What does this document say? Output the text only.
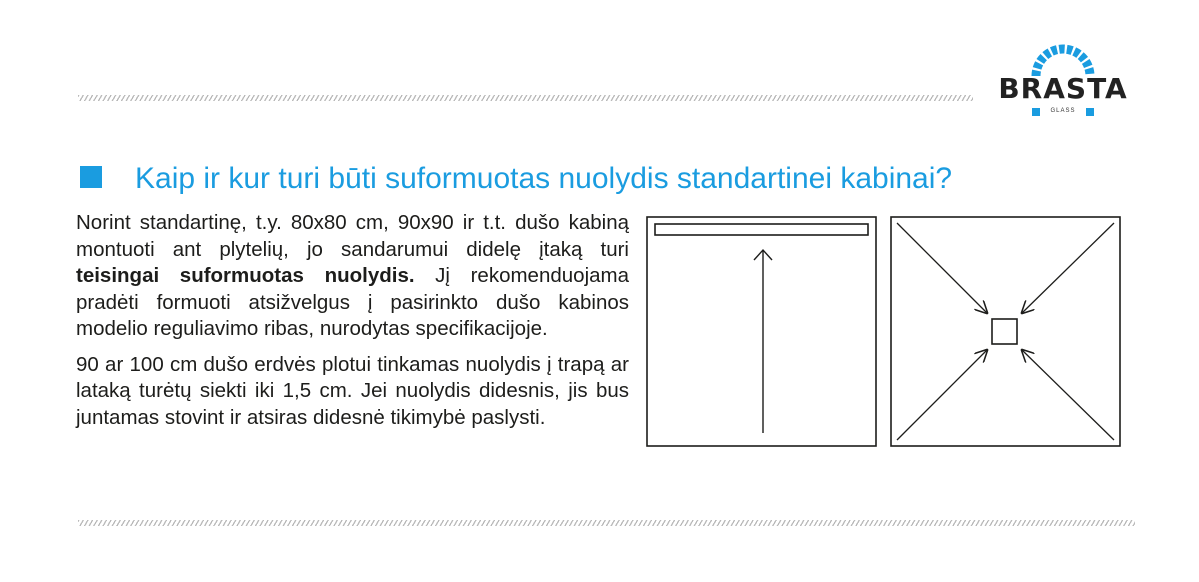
BRASTA
GLASS
Kaip ir kur turi būti suformuotas nuolydis standartinei kabinai?

Norint standartinę, t.y. 80x80 cm, 90x90 ir t.t. dušo kabiną montuoti ant plytelių, jo sandarumui didelę įtaką turi teisingai suformuotas nuolydis. Jį rekomenduojama pradėti formuoti atsižvelgus į pasirinkto dušo kabinos modelio reguliavimo ribas, nurodytas specifikacijoje.

90 ar 100 cm dušo erdvės plotui tinkamas nuolydis į trapą ar lataką turėtų siekti iki 1,5 cm. Jei nuolydis didesnis, jis bus juntamas stovint ir atsiras didesnė tikimybė paslysti.
